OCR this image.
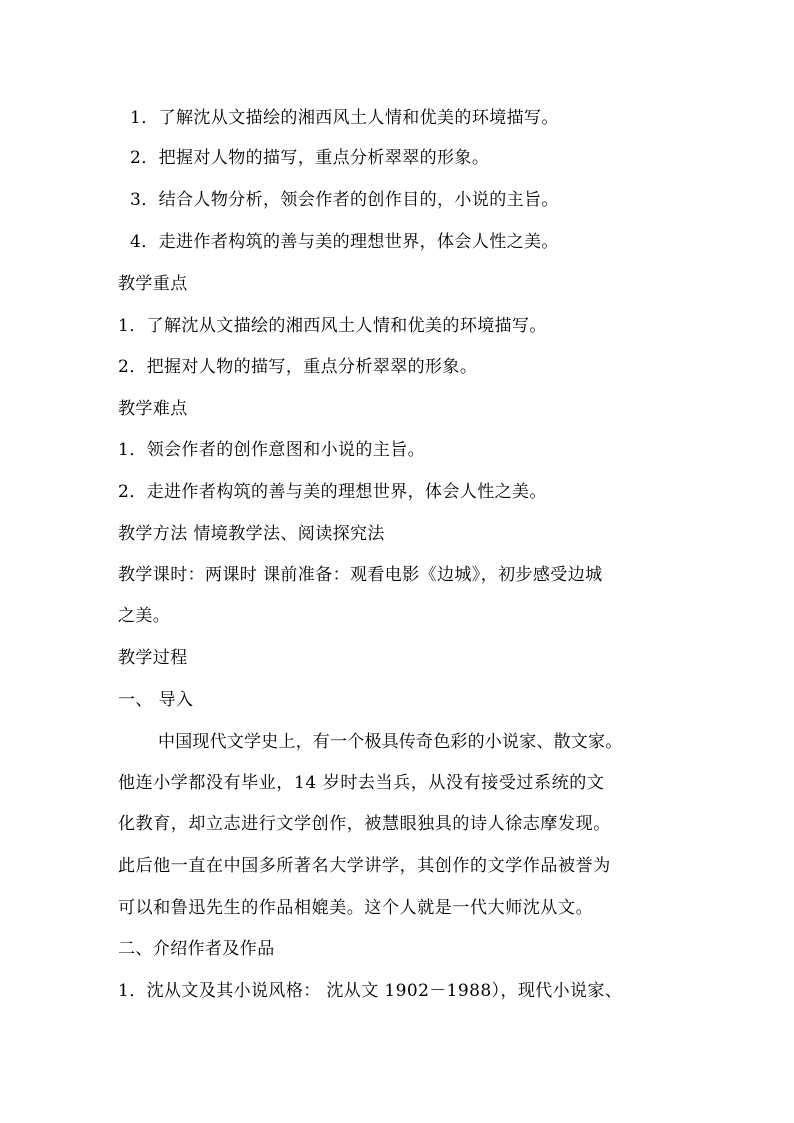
1．了解沈从文描绘的湘西风土人情和优美的环境描写。
2．把握对人物的描写，重点分析翠翠的形象。
3．结合人物分析，领会作者的创作目的，小说的主旨。
4．走进作者构筑的善与美的理想世界，体会人性之美。
教学重点
1．了解沈从文描绘的湘西风土人情和优美的环境描写。
2．把握对人物的描写，重点分析翠翠的形象。
教学难点
1．领会作者的创作意图和小说的主旨。
2．走进作者构筑的善与美的理想世界，体会人性之美。
教学方法 情境教学法、阅读探究法
教学课时：两课时 课前准备：观看电影《边城》，初步感受边城
之美。
教学过程
一、 导入
中国现代文学史上，有一个极具传奇色彩的小说家、散文家。
他连小学都没有毕业，14 岁时去当兵，从没有接受过系统的文
化教育，却立志进行文学创作，被慧眼独具的诗人徐志摩发现。
此后他一直在中国多所著名大学讲学，其创作的文学作品被誉为
可以和鲁迅先生的作品相媲美。这个人就是一代大师沈从文。
二、介绍作者及作品
1．沈从文及其小说风格： 沈从文 1902－1988），现代小说家、
